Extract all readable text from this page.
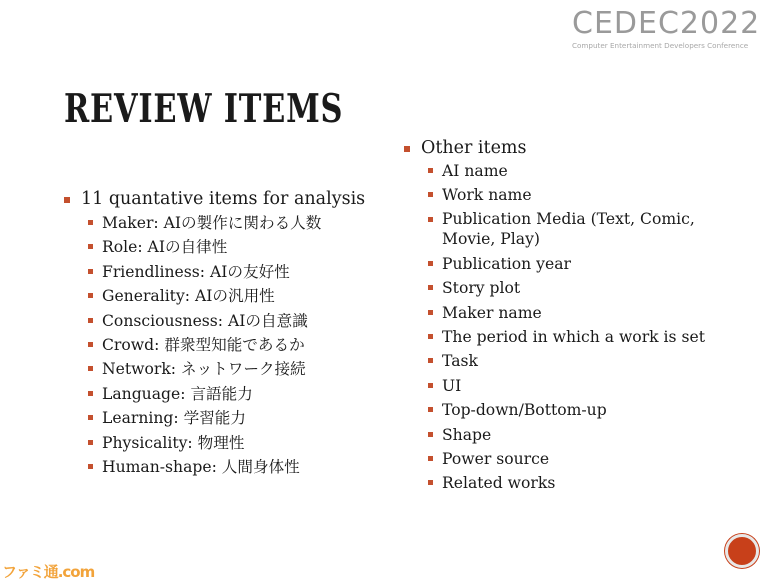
CEDEC2022
Computer Entertainment Developers Conference
REVIEW ITEMS
11 quantative items for analysis
Maker: AIの製作に関わる人数
Role: AIの自律性
Friendliness: AIの友好性
Generality: AIの汎用性
Consciousness: AIの自意識
Crowd: 群衆型知能であるか
Network: ネットワーク接続
Language: 言語能力
Learning: 学習能力
Physicality: 物理性
Human-shape: 人間身体性
Other items
AI name
Work name
Publication Media (Text, Comic, Movie, Play)
Publication year
Story plot
Maker name
The period in which a work is set
Task
UI
Top-down/Bottom-up
Shape
Power source
Related works
ファミ通.com
